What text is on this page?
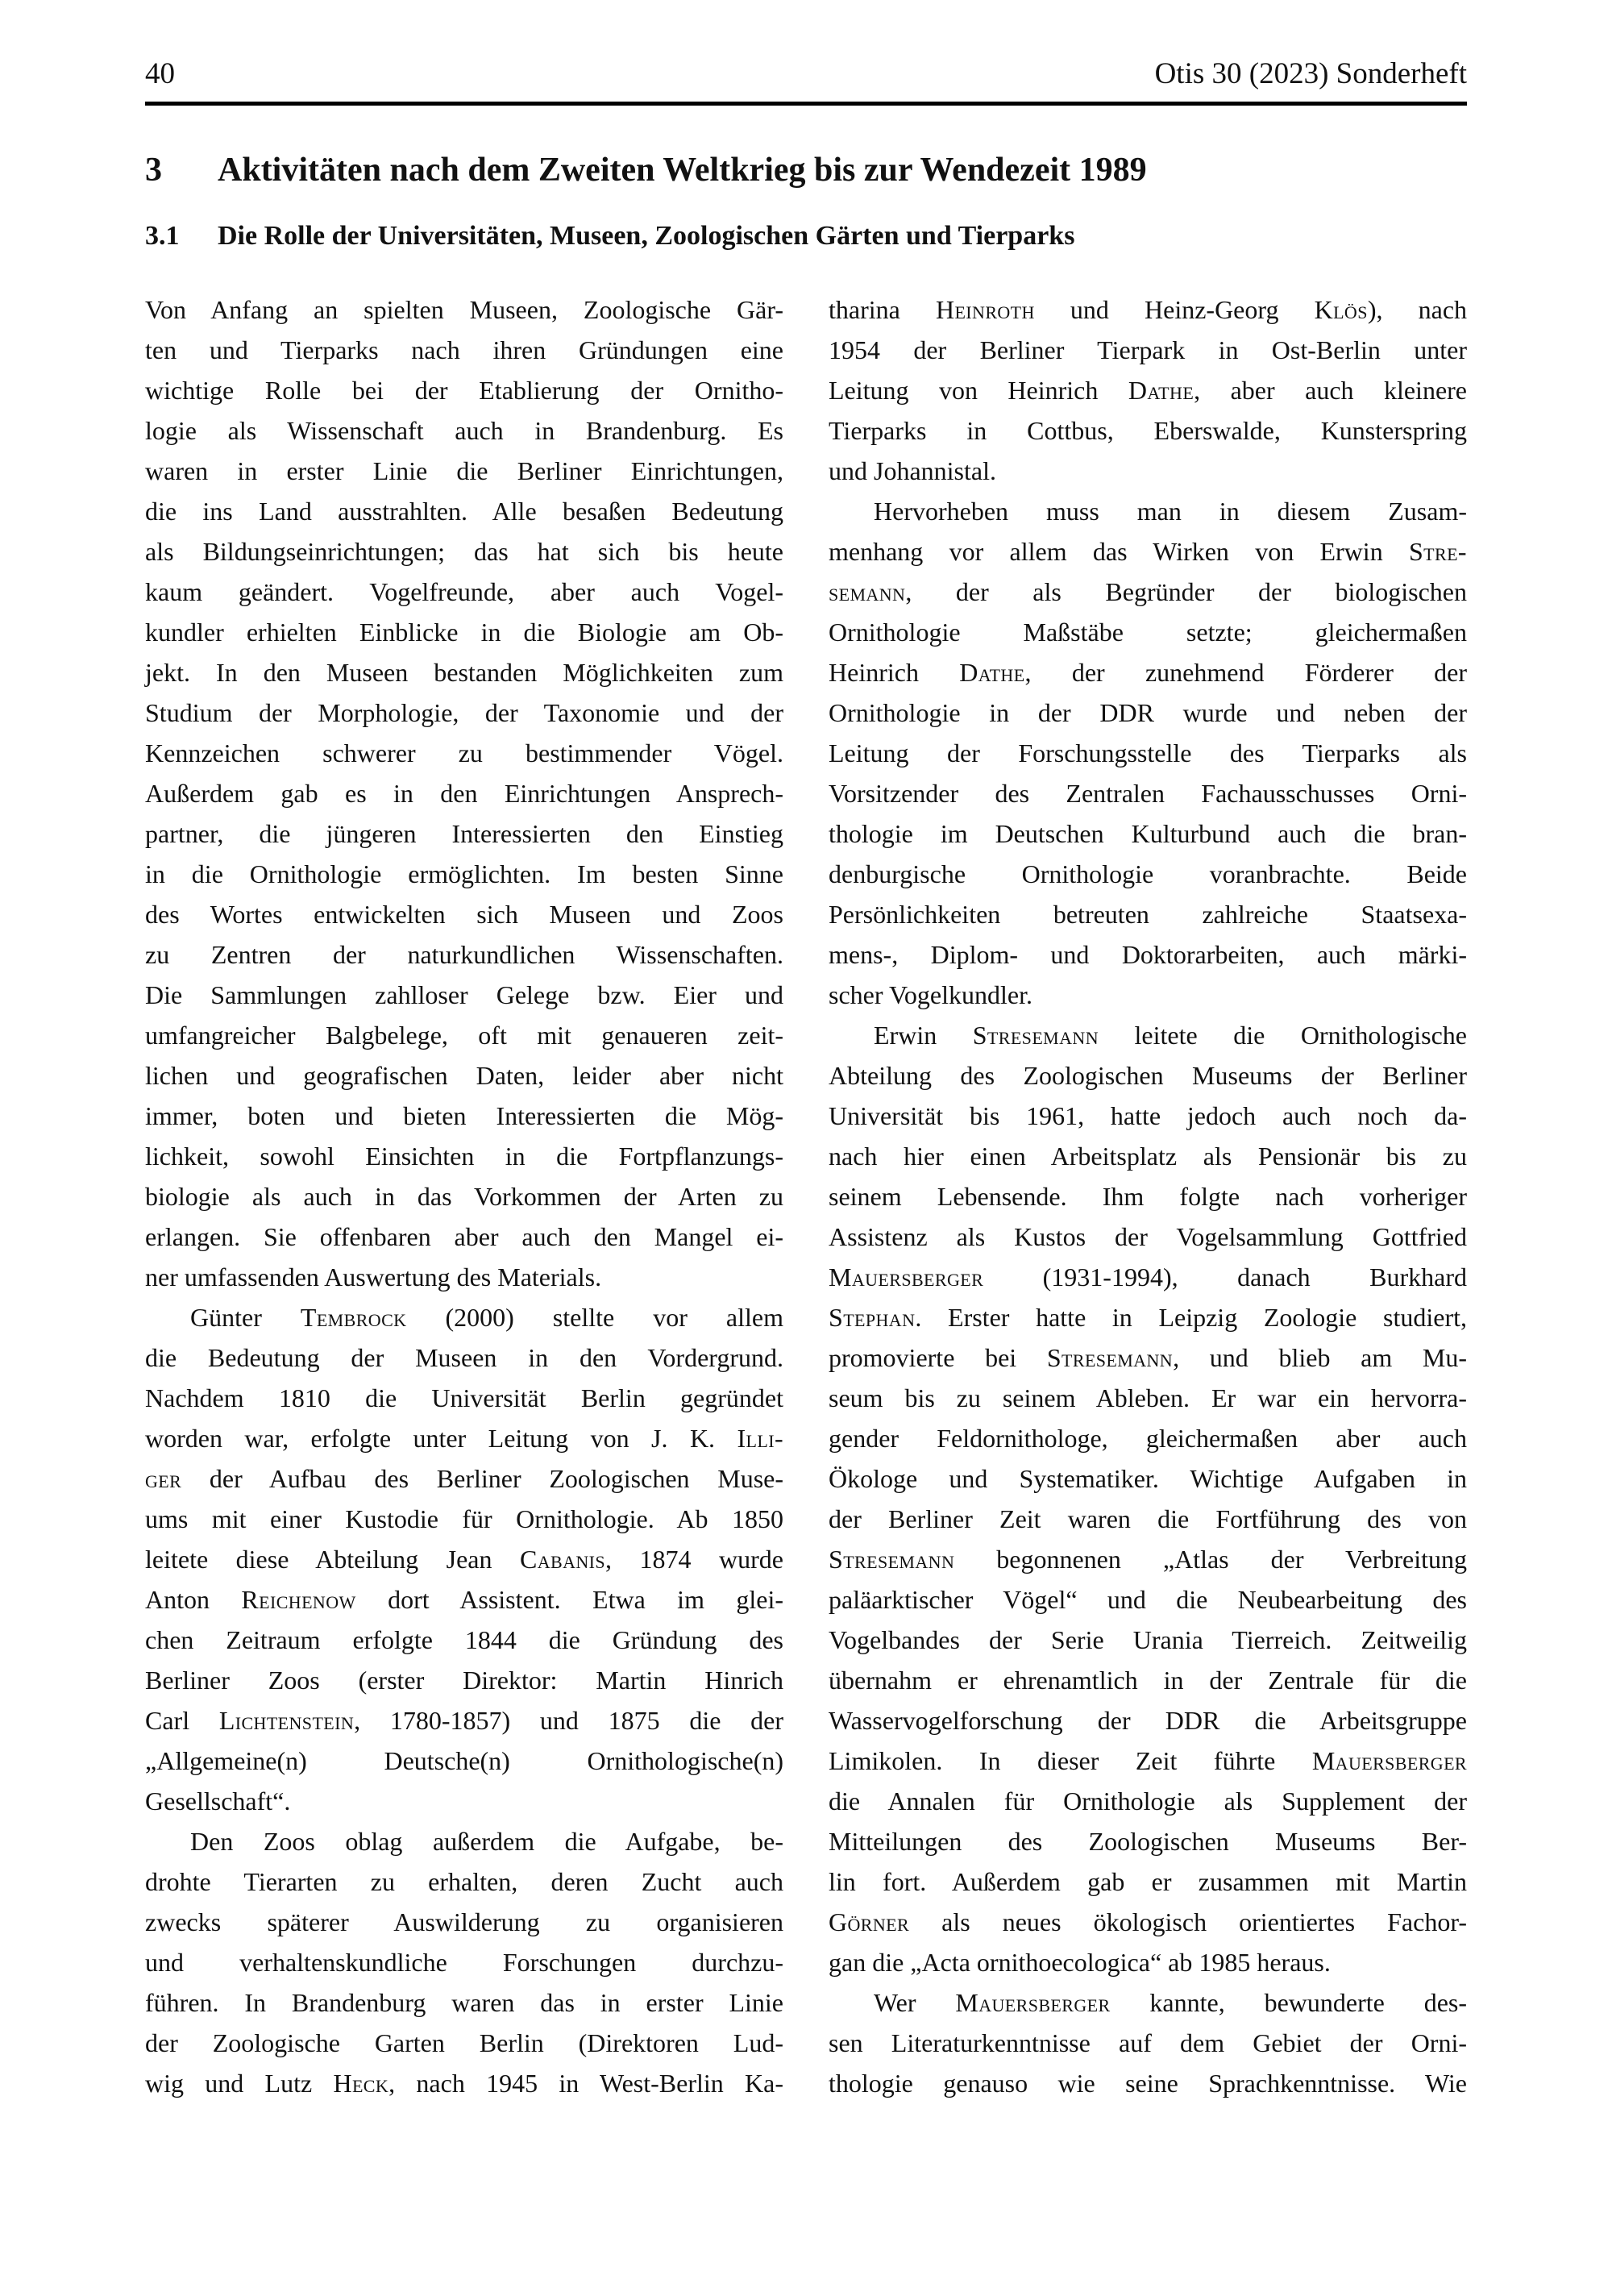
40	Otis 30 (2023) Sonderheft
3 Aktivitäten nach dem Zweiten Weltkrieg bis zur Wendezeit 1989
3.1 Die Rolle der Universitäten, Museen, Zoologischen Gärten und Tierparks
Von Anfang an spielten Museen, Zoologische Gär-
ten und Tierparks nach ihren Gründungen eine
wichtige Rolle bei der Etablierung der Ornitho-
logie als Wissenschaft auch in Brandenburg. Es
waren in erster Linie die Berliner Einrichtungen,
die ins Land ausstrahlten. Alle besaßen Bedeutung
als Bildungseinrichtungen; das hat sich bis heute
kaum geändert. Vogelfreunde, aber auch Vogel-
kundler erhielten Einblicke in die Biologie am Ob-
jekt. In den Museen bestanden Möglichkeiten zum
Studium der Morphologie, der Taxonomie und der
Kennzeichen schwerer zu bestimmender Vögel.
Außerdem gab es in den Einrichtungen Ansprech-
partner, die jüngeren Interessierten den Einstieg
in die Ornithologie ermöglichten. Im besten Sinne
des Wortes entwickelten sich Museen und Zoos
zu Zentren der naturkundlichen Wissenschaften.
Die Sammlungen zahlloser Gelege bzw. Eier und
umfangreicher Balgbelege, oft mit genaueren zeit-
lichen und geografischen Daten, leider aber nicht
immer, boten und bieten Interessierten die Mög-
lichkeit, sowohl Einsichten in die Fortpflanzungs-
biologie als auch in das Vorkommen der Arten zu
erlangen. Sie offenbaren aber auch den Mangel ei-
ner umfassenden Auswertung des Materials.
Günter Tembrock (2000) stellte vor allem
die Bedeutung der Museen in den Vordergrund.
Nachdem 1810 die Universität Berlin gegründet
worden war, erfolgte unter Leitung von J. K. Illi-
ger der Aufbau des Berliner Zoologischen Muse-
ums mit einer Kustodie für Ornithologie. Ab 1850
leitete diese Abteilung Jean Cabanis, 1874 wurde
Anton Reichenow dort Assistent. Etwa im glei-
chen Zeitraum erfolgte 1844 die Gründung des
Berliner Zoos (erster Direktor: Martin Hinrich
Carl Lichtenstein, 1780-1857) und 1875 die der
„Allgemeine(n) Deutsche(n) Ornithologische(n)
Gesellschaft“.
Den Zoos oblag außerdem die Aufgabe, be-
drohte Tierarten zu erhalten, deren Zucht auch
zwecks späterer Auswilderung zu organisieren
und verhaltenskundliche Forschungen durchzu-
führen. In Brandenburg waren das in erster Linie
der Zoologische Garten Berlin (Direktoren Lud-
wig und Lutz Heck, nach 1945 in West-Berlin Ka-
tharina Heinroth und Heinz-Georg Klös), nach
1954 der Berliner Tierpark in Ost-Berlin unter
Leitung von Heinrich Dathe, aber auch kleinere
Tierparks in Cottbus, Eberswalde, Kunsterspring
und Johannistal.
Hervorheben muss man in diesem Zusam-
menhang vor allem das Wirken von Erwin Stre-
semann, der als Begründer der biologischen
Ornithologie Maßstäbe setzte; gleichermaßen
Heinrich Dathe, der zunehmend Förderer der
Ornithologie in der DDR wurde und neben der
Leitung der Forschungsstelle des Tierparks als
Vorsitzender des Zentralen Fachausschusses Orni-
thologie im Deutschen Kulturbund auch die bran-
denburgische Ornithologie voranbrachte. Beide
Persönlichkeiten betreuten zahlreiche Staatsexa-
mens-, Diplom- und Doktorarbeiten, auch märki-
scher Vogelkundler.
Erwin Stresemann leitete die Ornithologische
Abteilung des Zoologischen Museums der Berliner
Universität bis 1961, hatte jedoch auch noch da-
nach hier einen Arbeitsplatz als Pensionär bis zu
seinem Lebensende. Ihm folgte nach vorheriger
Assistenz als Kustos der Vogelsammlung Gottfried
Mauersberger (1931-1994), danach Burkhard
Stephan. Erster hatte in Leipzig Zoologie studiert,
promovierte bei Stresemann, und blieb am Mu-
seum bis zu seinem Ableben. Er war ein hervorra-
gender Feldornithologe, gleichermaßen aber auch
Ökologe und Systematiker. Wichtige Aufgaben in
der Berliner Zeit waren die Fortführung des von
Stresemann begonnenen „Atlas der Verbreitung
paläarktischer Vögel“ und die Neubearbeitung des
Vogelbandes der Serie Urania Tierreich. Zeitweilig
übernahm er ehrenamtlich in der Zentrale für die
Wasservogelforschung der DDR die Arbeitsgruppe
Limikolen. In dieser Zeit führte Mauersberger
die Annalen für Ornithologie als Supplement der
Mitteilungen des Zoologischen Museums Ber-
lin fort. Außerdem gab er zusammen mit Martin
Görner als neues ökologisch orientiertes Fachor-
gan die „Acta ornithoecologica“ ab 1985 heraus.
Wer Mauersberger kannte, bewunderte des-
sen Literaturkenntnisse auf dem Gebiet der Orni-
thologie genauso wie seine Sprachkenntnisse. Wie
